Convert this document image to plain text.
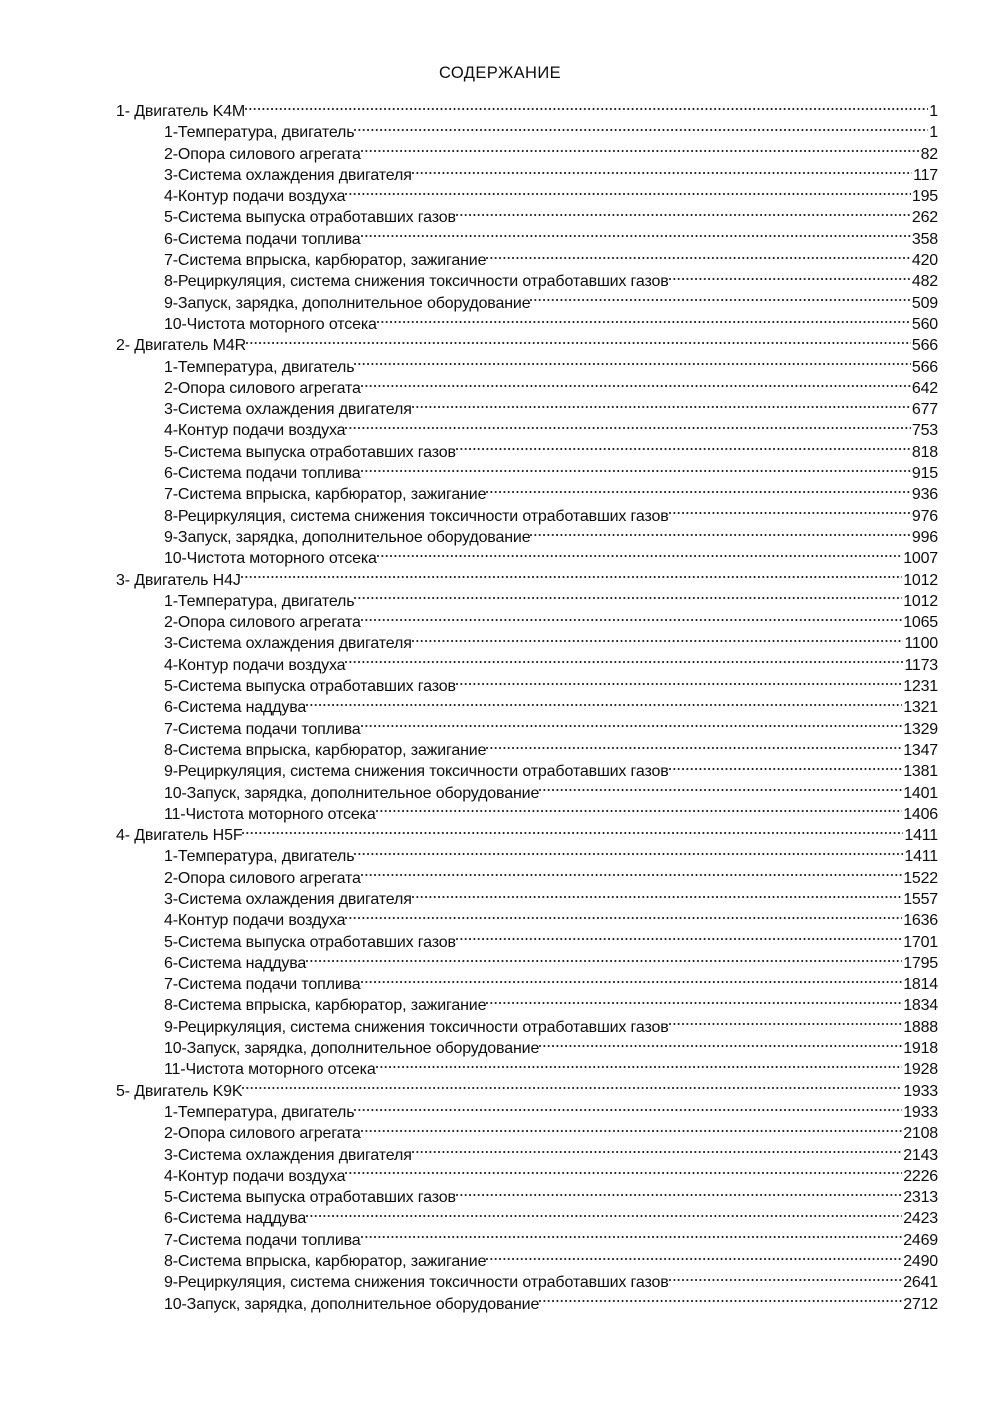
СОДЕРЖАНИЕ
1- Двигатель K4M	1
1-Температура, двигатель	1
2-Опора силового агрегата	82
3-Система охлаждения двигателя	117
4-Контур подачи воздуха	195
5-Система выпуска отработавших газов	262
6-Система подачи топлива	358
7-Система впрыска, карбюратор, зажигание	420
8-Рециркуляция, система снижения токсичности отработавших газов	482
9-Запуск, зарядка, дополнительное оборудование	509
10-Чистота моторного отсека	560
2- Двигатель M4R	566
1-Температура, двигатель	566
2-Опора силового агрегата	642
3-Система охлаждения двигателя	677
4-Контур подачи воздуха	753
5-Система выпуска отработавших газов	818
6-Система подачи топлива	915
7-Система впрыска, карбюратор, зажигание	936
8-Рециркуляция, система снижения токсичности отработавших газов	976
9-Запуск, зарядка, дополнительное оборудование	996
10-Чистота моторного отсека	1007
3- Двигатель H4J	1012
1-Температура, двигатель	1012
2-Опора силового агрегата	1065
3-Система охлаждения двигателя	1100
4-Контур подачи воздуха	1173
5-Система выпуска отработавших газов	1231
6-Система наддува	1321
7-Система подачи топлива	1329
8-Система впрыска, карбюратор, зажигание	1347
9-Рециркуляция, система снижения токсичности отработавших газов	1381
10-Запуск, зарядка, дополнительное оборудование	1401
11-Чистота моторного отсека	1406
4- Двигатель H5F	1411
1-Температура, двигатель	1411
2-Опора силового агрегата	1522
3-Система охлаждения двигателя	1557
4-Контур подачи воздуха	1636
5-Система выпуска отработавших газов	1701
6-Система наддува	1795
7-Система подачи топлива	1814
8-Система впрыска, карбюратор, зажигание	1834
9-Рециркуляция, система снижения токсичности отработавших газов	1888
10-Запуск, зарядка, дополнительное оборудование	1918
11-Чистота моторного отсека	1928
5- Двигатель K9K	1933
1-Температура, двигатель	1933
2-Опора силового агрегата	2108
3-Система охлаждения двигателя	2143
4-Контур подачи воздуха	2226
5-Система выпуска отработавших газов	2313
6-Система наддува	2423
7-Система подачи топлива	2469
8-Система впрыска, карбюратор, зажигание	2490
9-Рециркуляция, система снижения токсичности отработавших газов	2641
10-Запуск, зарядка, дополнительное оборудование	2712
